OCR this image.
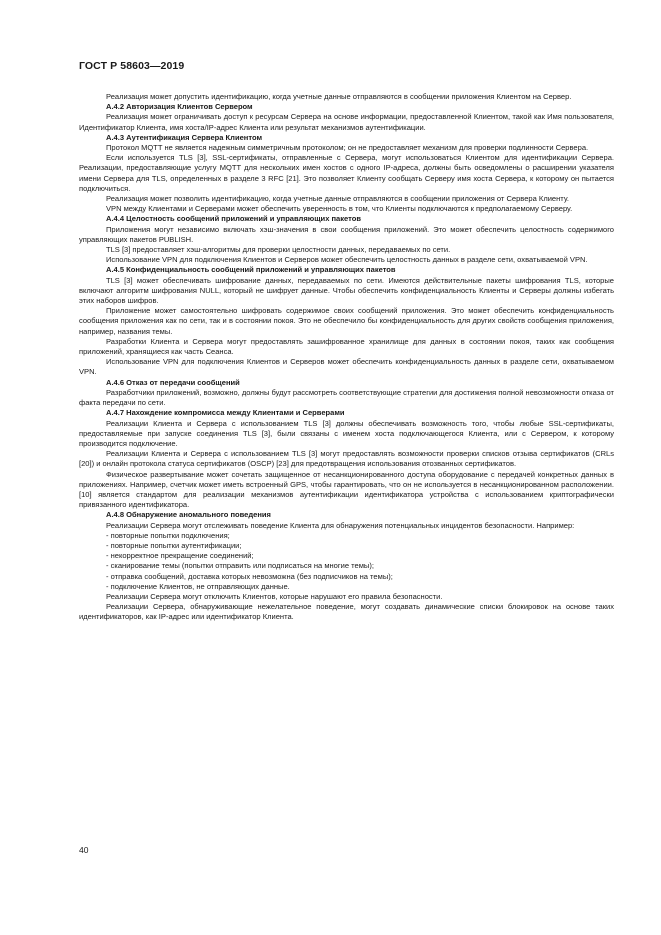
ГОСТ Р 58603—2019

Реализация может допустить идентификацию, когда учетные данные отправляются в сообщении приложения Клиентом на Сервер.

А.4.2 Авторизация Клиентов Сервером

Реализация может ограничивать доступ к ресурсам Сервера на основе информации, предоставленной Клиентом, такой как Имя пользователя, Идентификатор Клиента, имя хоста/IP-адрес Клиента или результат механизмов аутентификации.

А.4.3 Аутентификация Сервера Клиентом

Протокол MQTT не является надежным симметричным протоколом; он не предоставляет механизм для проверки подлинности Сервера.

Если используется TLS [3], SSL-сертификаты, отправленные с Сервера, могут использоваться Клиентом для идентификации Сервера. Реализации, предоставляющие услугу MQTT для нескольких имен хостов с одного IP-адреса, должны быть осведомлены о расширении указателя имени Сервера для TLS, определенных в разделе 3 RFC [21]. Это позволяет Клиенту сообщать Серверу имя хоста Сервера, к которому он пытается подключиться.

Реализация может позволить идентификацию, когда учетные данные отправляются в сообщении приложения от Сервера Клиенту.

VPN между Клиентами и Серверами может обеспечить уверенность в том, что Клиенты подключаются к предполагаемому Серверу.

А.4.4 Целостность сообщений приложений и управляющих пакетов

Приложения могут независимо включать хэш-значения в свои сообщения приложений. Это может обеспечить целостность содержимого управляющих пакетов PUBLISH.

TLS [3] предоставляет хэш-алгоритмы для проверки целостности данных, передаваемых по сети.

Использование VPN для подключения Клиентов и Серверов может обеспечить целостность данных в разделе сети, охватываемой VPN.

А.4.5 Конфиденциальность сообщений приложений и управляющих пакетов

TLS [3] может обеспечивать шифрование данных, передаваемых по сети. Имеются действительные пакеты шифрования TLS, которые включают алгоритм шифрования NULL, который не шифрует данные. Чтобы обеспечить конфиденциальность Клиенты и Серверы должны избегать этих наборов шифров.

Приложение может самостоятельно шифровать содержимое своих сообщений приложения. Это может обеспечить конфиденциальность сообщения приложения как по сети, так и в состоянии покоя. Это не обеспечило бы конфиденциальность для других свойств сообщения приложения, например, названия темы.

Разработки Клиента и Сервера могут предоставлять зашифрованное хранилище для данных в состоянии покоя, таких как сообщения приложений, хранящиеся как часть Сеанса.

Использование VPN для подключения Клиентов и Серверов может обеспечить конфиденциальность данных в разделе сети, охватываемом VPN.

А.4.6 Отказ от передачи сообщений

Разработчики приложений, возможно, должны будут рассмотреть соответствующие стратегии для достижения полной невозможности отказа от факта передачи по сети.

А.4.7 Нахождение компромисса между Клиентами и Серверами

Реализации Клиента и Сервера с использованием TLS [3] должны обеспечивать возможность того, чтобы любые SSL-сертификаты, предоставляемые при запуске соединения TLS [3], были связаны с именем хоста подключающегося Клиента, или с Сервером, к которому производится подключение.

Реализации Клиента и Сервера с использованием TLS [3] могут предоставлять возможности проверки списков отзыва сертификатов (CRLs [20]) и онлайн протокола статуса сертификатов (OSCP) [23] для предотвращения использования отозванных сертификатов.

Физическое развертывание может сочетать защищенное от несанкционированного доступа оборудование с передачей конкретных данных в приложениях. Например, счетчик может иметь встроенный GPS, чтобы гарантировать, что он не используется в несанкционированном расположении. [10] является стандартом для реализации механизмов аутентификации идентификатора устройства с использованием криптографически привязанного идентификатора.

А.4.8 Обнаружение аномального поведения

Реализации Сервера могут отслеживать поведение Клиента для обнаружения потенциальных инцидентов безопасности. Например:

- повторные попытки подключения;
- повторные попытки аутентификации;
- некорректное прекращение соединений;
- сканирование темы (попытки отправить или подписаться на многие темы);
- отправка сообщений, доставка которых невозможна (без подписчиков на темы);
- подключение Клиентов, не отправляющих данные.

Реализации Сервера могут отключить Клиентов, которые нарушают его правила безопасности.

Реализации Сервера, обнаруживающие нежелательное поведение, могут создавать динамические списки блокировок на основе таких идентификаторов, как IP-адрес или идентификатор Клиента.

40
